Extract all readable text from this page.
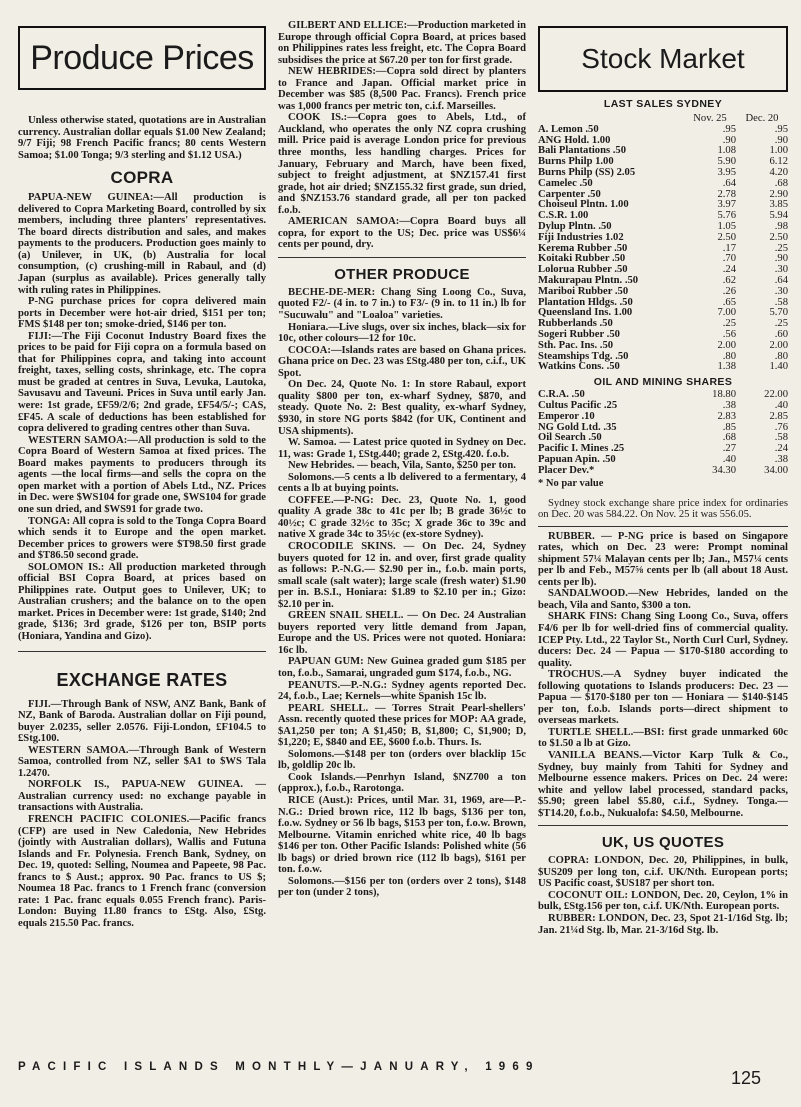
Produce Prices

Unless otherwise stated, quotations are in Australian currency. Australian dollar equals $1.00 New Zealand; 9/7 Fiji; 98 French Pacific francs; 80 cents Western Samoa; $1.00 Tonga; 9/3 sterling and $1.12 USA.)

COPRA

PAPUA-NEW GUINEA:—All production is delivered to Copra Marketing Board, controlled by six members, including three planters' representatives. The board directs distribution and sales, and makes payments to the producers. Production goes mainly to (a) Unilever, in UK, (b) Australia for local consumption, (c) crushing-mill in Rabaul, and (d) Japan (surplus as available). Prices generally tally with ruling rates in Philippines.

P-NG purchase prices for copra delivered main ports in December were hot-air dried, $151 per ton; FMS $148 per ton; smoke-dried, $146 per ton.

FIJI:—The Fiji Coconut Industry Board fixes the prices to be paid for Fiji copra on a formula based on that for Philippines copra, and taking into account freight, taxes, selling costs, shrinkage, etc. The copra must be graded at centres in Suva, Levuka, Lautoka, Savusavu and Taveuni. Prices in Suva until early Jan. were: 1st grade, £F59/2/6; 2nd grade, £F54/5/-; CAS, £F45. A scale of deductions has been established for copra delivered to grading centres other than Suva.

WESTERN SAMOA:—All production is sold to the Copra Board of Western Samoa at fixed prices. The Board makes payments to producers through its agents —the local firms—and sells the copra on the open market with a portion of Abels Ltd., NZ. Prices in Dec. were $WS104 for grade one, $WS104 for grade one sun dried, and $WS91 for grade two.

TONGA: All copra is sold to the Tonga Copra Board which sends it to Europe and the open market. December prices to growers were $T98.50 first grade and $T86.50 second grade.

SOLOMON IS.: All production marketed through official BSI Copra Board, at prices based on Philippines rate. Output goes to Unilever, UK; to Australian crushers; and the balance on to the open market. Prices in December were: 1st grade, $140; 2nd grade, $136; 3rd grade, $126 per ton, BSIP ports (Honiara, Yandina and Gizo).

EXCHANGE RATES

FIJI.—Through Bank of NSW, ANZ Bank, Bank of NZ, Bank of Baroda. Australian dollar on Fiji pound, buyer 2.0235, seller 2.0576. Fiji-London, £F104.5 to £Stg.100.

WESTERN SAMOA.—Through Bank of Western Samoa, controlled from NZ, seller $A1 to $WS Tala 1.2470.

NORFOLK IS., PAPUA-NEW GUINEA. —Australian currency used: no exchange payable in transactions with Australia.

FRENCH PACIFIC COLONIES.—Pacific francs (CFP) are used in New Caledonia, New Hebrides (jointly with Australian dollars), Wallis and Futuna Islands and Fr. Polynesia. French Bank, Sydney, on Dec. 19, quoted: Selling, Noumea and Papeete, 98 Pac. francs to $ Aust.; approx. 90 Pac. francs to US $; Noumea 18 Pac. francs to 1 French franc (conversion rate: 1 Pac. franc equals 0.055 French franc). Paris-London: Buying 11.80 francs to £Stg. Also, £Stg. equals 215.50 Pac. francs.

GILBERT AND ELLICE:—Production marketed in Europe through official Copra Board, at prices based on Philippines rates less freight, etc. The Copra Board subsidises the price at $67.20 per ton for first grade.

NEW HEBRIDES:—Copra sold direct by planters to France and Japan. Official market price in December was $85 (8,500 Pac. Francs). French price was 1,000 francs per metric ton, c.i.f. Marseilles.

COOK IS.:—Copra goes to Abels, Ltd., of Auckland, who operates the only NZ copra crushing mill. Price paid is average London price for previous three months, less handling charges. Prices for January, February and March, have been fixed, subject to freight adjustment, at $NZ157.41 first grade, hot air dried; $NZ155.32 first grade, sun dried, and $NZ153.76 standard grade, all per ton packed f.o.b.

AMERICAN SAMOA:—Copra Board buys all copra, for export to the US; Dec. price was US$6¼ cents per pound, dry.

OTHER PRODUCE

BECHE-DE-MER: Chang Sing Loong Co., Suva, quoted F2/- (4 in. to 7 in.) to F3/- (9 in. to 11 in.) lb for "Sucuwalu" and "Loaloa" varieties.

Honiara.—Live slugs, over six inches, black—six for 10c, other colours—12 for 10c.

COCOA:—Islands rates are based on Ghana prices. Ghana price on Dec. 23 was £Stg.480 per ton, c.i.f., UK Spot.

On Dec. 24, Quote No. 1: In store Rabaul, export quality $800 per ton, ex-wharf Sydney, $870, and steady. Quote No. 2: Best quality, ex-wharf Sydney, $930, in store NG ports $842 (for UK, Continent and USA shipments).

W. Samoa. — Latest price quoted in Sydney on Dec. 11, was: Grade 1, £Stg.440; grade 2, £Stg.420. f.o.b.

New Hebrides. — beach, Vila, Santo, $250 per ton.

Solomons.—5 cents a lb delivered to a fermentary, 4 cents a lb at buying points.

COFFEE.—P-NG: Dec. 23, Quote No. 1, good quality A grade 38c to 41c per lb; B grade 36½c to 40½c; C grade 32½c to 35c; X grade 36c to 39c and native X grade 34c to 35½c (ex-store Sydney).

CROCODILE SKINS. — On Dec. 24, Sydney buyers quoted for 12 in. and over, first grade quality as follows: P.-N.G.— $2.90 per in., f.o.b. main ports, small scale (salt water); large scale (fresh water) $1.90 per in. B.S.I., Honiara: $1.89 to $2.10 per in.; Gizo: $2.10 per in.

GREEN SNAIL SHELL. — On Dec. 24 Australian buyers reported very little demand from Japan, Europe and the US. Prices were not quoted. Honiara: 16c lb.

PAPUAN GUM: New Guinea graded gum $185 per ton, f.o.b., Samarai, ungraded gum $174, f.o.b., NG.

PEANUTS.—P.-N.G.: Sydney agents reported Dec. 24, f.o.b., Lae; Kernels—white Spanish 15c lb.

PEARL SHELL. — Torres Strait Pearl-shellers' Assn. recently quoted these prices for MOP: AA grade, $A1,250 per ton; A $1,450; B, $1,800; C, $1,900; D, $1,220; E, $840 and EE, $600 f.o.b. Thurs. Is.

Solomons.—$148 per ton (orders over blacklip 15c lb, goldlip 20c lb.

Cook Islands.—Penrhyn Island, $NZ700 a ton (approx.), f.o.b., Rarotonga.

RICE (Aust.): Prices, until Mar. 31, 1969, are—P.-N.G.: Dried brown rice, 112 lb bags, $136 per ton, f.o.w. Sydney or 56 lb bags, $153 per ton, f.o.w. Brown, Melbourne. Vitamin enriched white rice, 40 lb bags $146 per ton. Other Pacific Islands: Polished white (56 lb bags) or dried brown rice (112 lb bags), $161 per ton. f.o.w.

Solomons.—$156 per ton (orders over 2 tons), $148 per ton (under 2 tons),

Stock Market
LAST SALES SYDNEY
	Nov. 25	Dec. 20
A. Lemon .50	.95	.95
ANG Hold. 1.00	.90	.90
Bali Plantations .50	1.08	1.00
Burns Philp 1.00	5.90	6.12
Burns Philp (SS) 2.05	3.95	4.20
Camelec .50	.64	.68
Carpenter .50	2.78	2.90
Choiseul Plntn. 1.00	3.97	3.85
C.S.R. 1.00	5.76	5.94
Dylup Plntn. .50	1.05	.98
Fiji Industries 1.02	2.50	2.50
Kerema Rubber .50	.17	.25
Koitaki Rubber .50	.70	.90
Loloruа Rubber .50	.24	.30
Makurapau Plntn. .50	.62	.64
Mariboi Rubber .50	.26	.30
Plantation Hldgs. .50	.65	.58
Queensland Ins. 1.00	7.00	5.70
Rubberlands .50	.25	.25
Sogeri Rubber .50	.56	.60
Sth. Pac. Ins. .50	2.00	2.00
Steamships Tdg. .50	.80	.80
Watkins Cons. .50	1.38	1.40
OIL AND MINING SHARES
C.R.A. .50	18.80	22.00
Cultus Pacific .25	.38	.40
Emperor .10	2.83	2.85
NG Gold Ltd. .35	.85	.76
Oil Search .50	.68	.58
Pacific I. Mines .25	.27	.24
Papuan Apin. .50	.40	.38
Placer Dev.*	34.30	34.00
* No par value

Sydney stock exchange share price index for ordinaries on Dec. 20 was 584.22. On Nov. 25 it was 556.05.

RUBBER. — P-NG price is based on Singapore rates, which on Dec. 23 were: Prompt nominal shipment 57¼ Malayan cents per lb; Jan., M57¼ cents per lb and Feb., M57⅝ cents per lb (all about 18 Aust. cents per lb).

SANDALWOOD.—New Hebrides, landed on the beach, Vila and Santo, $300 a ton.

SHARK FINS: Chang Sing Loong Co., Suva, offers F4/6 per lb for well-dried fins of commercial quality. ICEP Pty. Ltd., 22 Taylor St., North Curl Curl, Sydney. ducers: Dec. 24 — Papua — $170-$180 according to quality.

TROCHUS.—A Sydney buyer indicated the following quotations to Islands producers: Dec. 23 — Papua — $170-$180 per ton — Honiara — $140-$145 per ton, f.o.b. Islands ports—direct shipment to overseas markets.

TURTLE SHELL.—BSI: first grade unmarked 60c to $1.50 a lb at Gizo.

VANILLA BEANS.—Victor Karp Tulk & Co., Sydney, buy mainly from Tahiti for Sydney and Melbourne essence makers. Prices on Dec. 24 were: white and yellow label processed, standard packs, $5.90; green label $5.80, c.i.f., Sydney. Tonga.— $T14.20, f.o.b., Nukualofa: $4.50, Melbourne.

UK, US QUOTES

COPRA: LONDON, Dec. 20, Philippines, in bulk, $US209 per long ton, c.i.f. UK/Nth. European ports; US Pacific coast, $US187 per short ton.

COCONUT OIL: LONDON, Dec. 20, Ceylon, 1% in bulk, £Stg.156 per ton, c.i.f. UK/Nth. European ports.

RUBBER: LONDON, Dec. 23, Spot 21-1/16d Stg. lb; Jan. 21¼d Stg. lb, Mar. 21-3/16d Stg. lb.

PACIFIC ISLANDS MONTHLY—JANUARY, 1969
125
